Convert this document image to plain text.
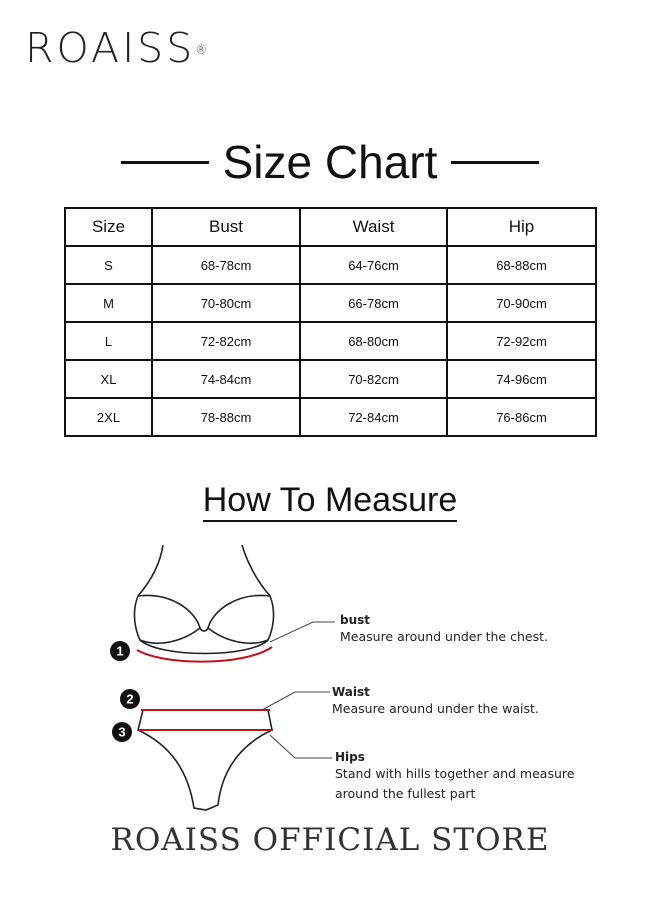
ROAISS®
Size Chart
Size	Bust	Waist	Hip
S	68-78cm	64-76cm	68-88cm
M	70-80cm	66-78cm	70-90cm
L	72-82cm	68-80cm	72-92cm
XL	74-84cm	70-82cm	74-96cm
2XL	78-88cm	72-84cm	76-86cm
How To Measure
1
2
3
bust
Measure around under the chest.
Waist
Measure around under the waist.
Hips
Stand with hills together and measure
around the fullest part
ROAISS OFFICIAL STORE
